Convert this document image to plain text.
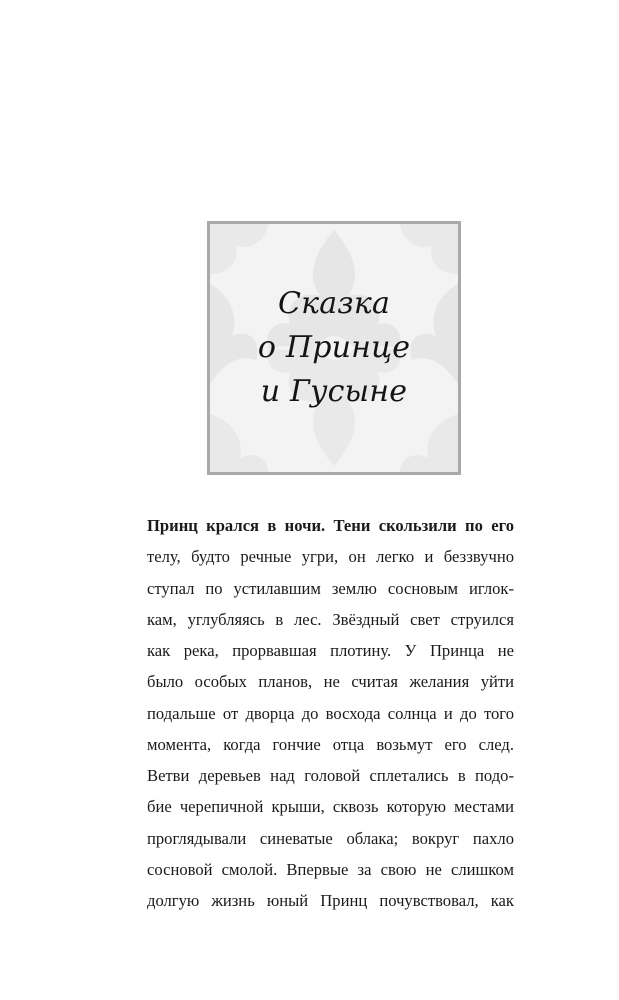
Сказка
о Принце
и Гусыне
Принц крался в ночи. Тени скользили по его
телу, будто речные угри, он легко и беззвучно
ступал по устилавшим землю сосновым иглок-
кам, углубляясь в лес. Звёздный свет струился
как река, прорвавшая плотину. У Принца не
было особых планов, не считая желания уйти
подальше от дворца до восхода солнца и до того
момента, когда гончие отца возьмут его след.
Ветви деревьев над головой сплетались в подо-
бие черепичной крыши, сквозь которую местами
проглядывали синеватые облака; вокруг пахло
сосновой смолой. Впервые за свою не слишком
долгую жизнь юный Принц почувствовал, как
